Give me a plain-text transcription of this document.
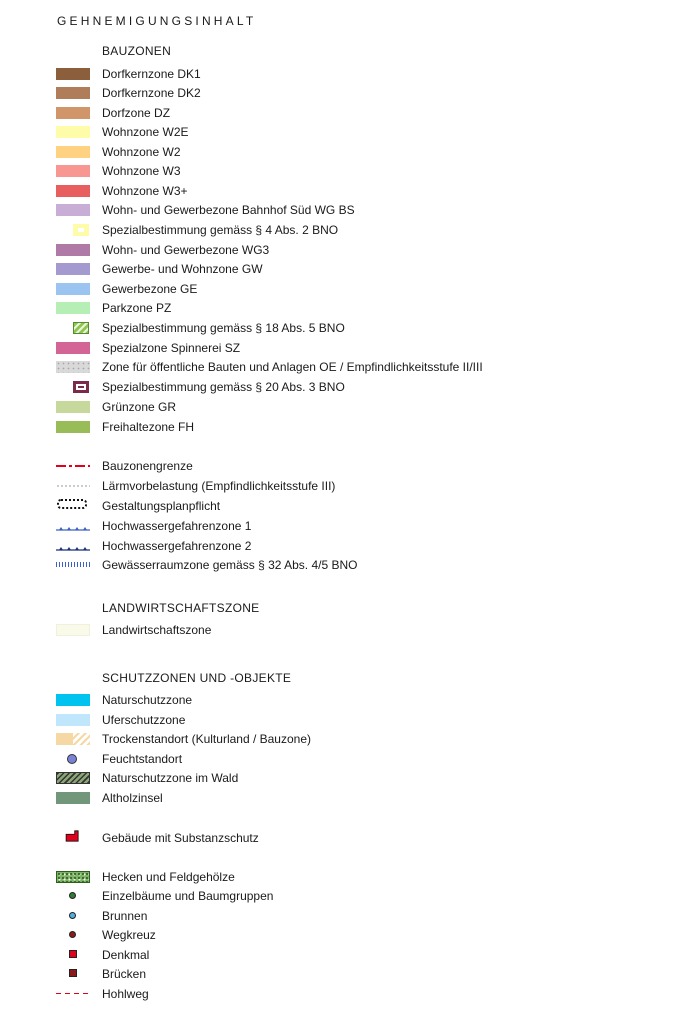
GEHNEMIGUNGSINHALT
BAUZONEN
Dorfkernzone DK1
Dorfkernzone DK2
Dorfzone DZ
Wohnzone W2E
Wohnzone W2
Wohnzone W3
Wohnzone W3+
Wohn- und Gewerbezone Bahnhof Süd WG BS
Spezialbestimmung gemäss § 4 Abs. 2 BNO
Wohn- und Gewerbezone WG3
Gewerbe- und Wohnzone GW
Gewerbezone GE
Parkzone PZ
Spezialbestimmung gemäss § 18 Abs. 5 BNO
Spezialzone Spinnerei SZ
Zone für öffentliche Bauten und Anlagen OE / Empfindlichkeitsstufe II/III
Spezialbestimmung gemäss § 20 Abs. 3 BNO
Grünzone GR
Freihaltezone FH
Bauzonengrenze
Lärmvorbelastung (Empfindlichkeitsstufe III)
Gestaltungsplanpflicht
Hochwassergefahrenzone 1
Hochwassergefahrenzone 2
Gewässerraumzone gemäss § 32 Abs. 4/5 BNO
LANDWIRTSCHAFTSZONE
Landwirtschaftszone
SCHUTZZONEN UND -OBJEKTE
Naturschutzzone
Uferschutzzone
Trockenstandort (Kulturland / Bauzone)
Feuchtstandort
Naturschutzzone im Wald
Altholzinsel
Gebäude mit Substanzschutz
Hecken und Feldgehölze
Einzelbäume und Baumgruppen
Brunnen
Wegkreuz
Denkmal
Brücken
Hohlweg
